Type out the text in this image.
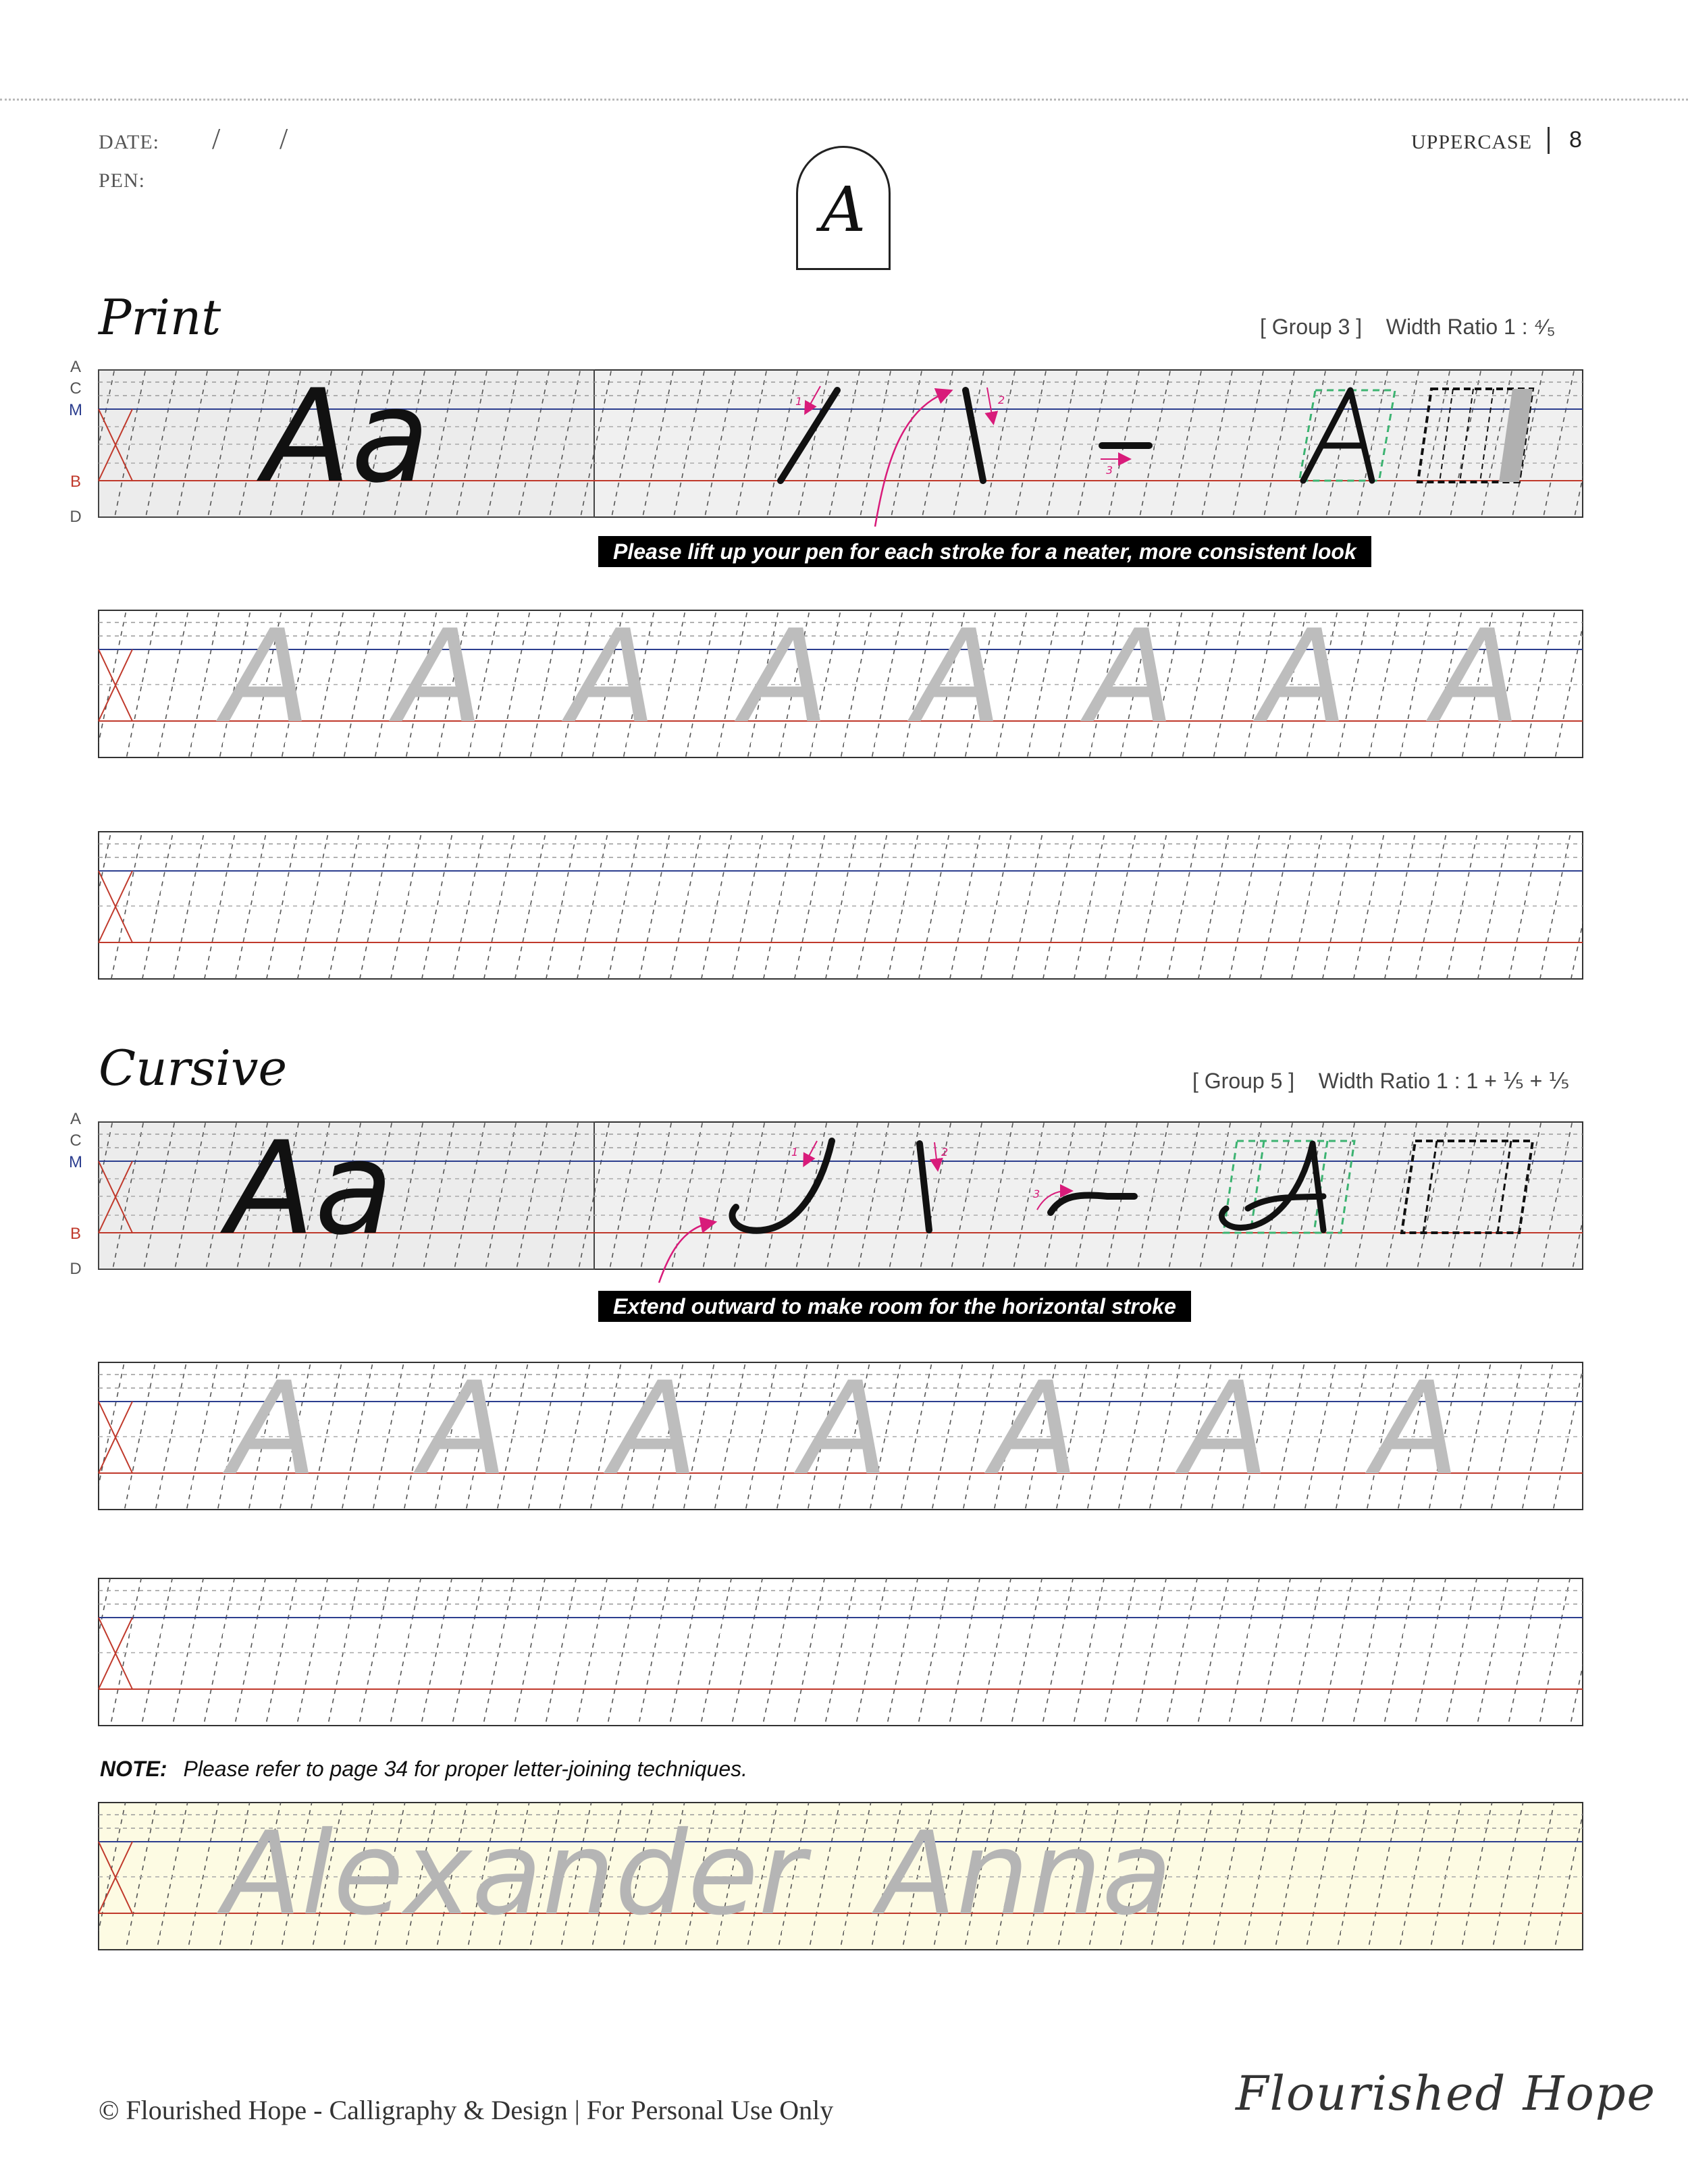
DATE: / /
PEN:
UPPERCASE 8
A
Print	[ Group 3 ] Width Ratio 1 : ⁴⁄₅
A
C
M
B
D
Aa	1	2
3
A A A A A A A A
Aa	1	2
3
A A A A A A A
Alexander Anna
Please lift up your pen for each stroke for a neater, more consistent look
Extend outward to make room for the horizontal stroke
Cursive	[ Group 5 ] Width Ratio 1 : 1 + ⅕ + ⅕
A
C
M
B
D
NOTE: Please refer to page 34 for proper letter-joining techniques.
© Flourished Hope - Calligraphy & Design | For Personal Use Only	Flourished Hope
